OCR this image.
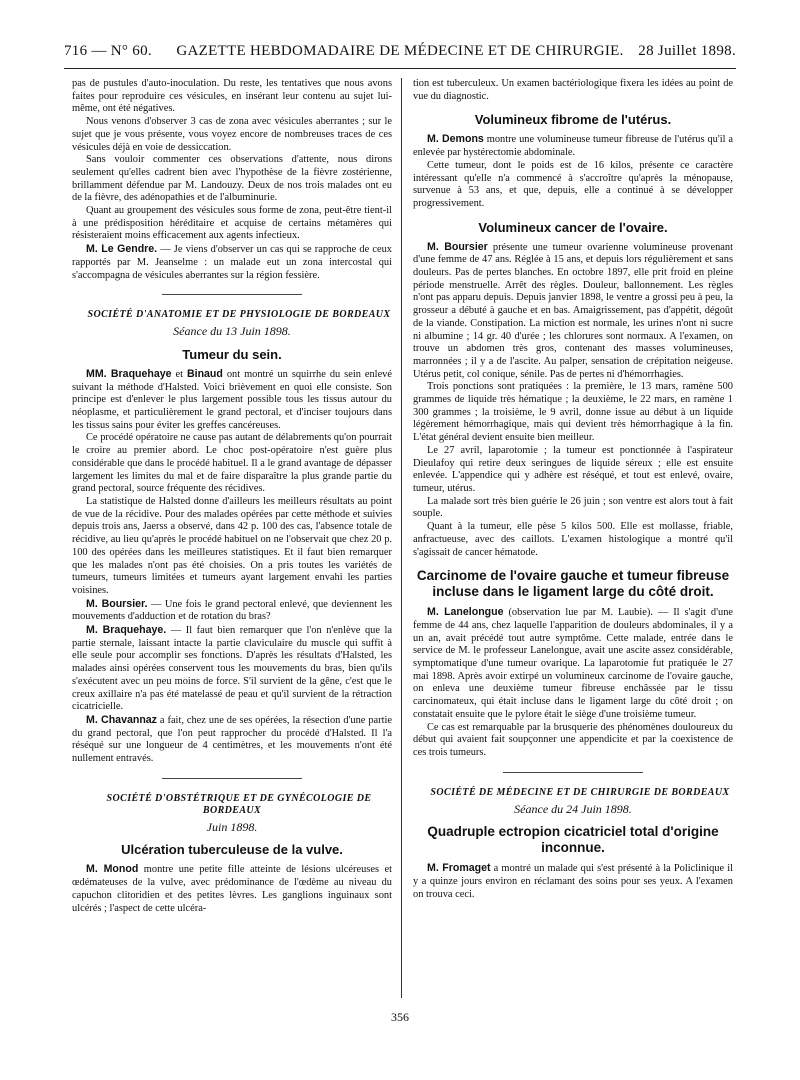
716 — N° 60.	GAZETTE HEBDOMADAIRE DE MÉDECINE ET DE CHIRURGIE. 28 Juillet 1898.

pas de pustules d'auto-inoculation. Du reste, les tentatives que nous avons faites pour reproduire ces vésicules, en insérant leur contenu au sujet lui-même, ont été négatives.

Nous venons d'observer 3 cas de zona avec vésicules aberrantes ; sur le sujet que je vous présente, vous voyez encore de nombreuses traces de ces vésicules déjà en voie de dessiccation.

Sans vouloir commenter ces observations d'attente, nous dirons seulement qu'elles cadrent bien avec l'hypothèse de la fièvre zostérienne, brillamment défendue par M. Landouzy. Deux de nos trois malades ont eu de la fièvre, des adénopathies et de l'albuminurie.

Quant au groupement des vésicules sous forme de zona, peut-être tient-il à une prédisposition héréditaire et acquise de certains métamères qui résisteraient moins efficacement aux agents infectieux.

M. Le Gendre. — Je viens d'observer un cas qui se rapproche de ceux rapportés par M. Jeanselme : un malade eut un zona intercostal qui s'accompagna de vésicules aberrantes sur la région fessière.

SOCIÉTÉ D'ANATOMIE ET DE PHYSIOLOGIE DE BORDEAUX

Séance du 13 Juin 1898.
Tumeur du sein.

MM. Braquehaye et Binaud ont montré un squirrhe du sein enlevé suivant la méthode d'Halsted. Voici brièvement en quoi elle consiste. Son principe est d'enlever le plus largement possible tous les tissus autour du néoplasme, et particulièrement le grand pectoral, et d'inciser toujours dans les tissus sains pour éviter les greffes cancéreuses.

Ce procédé opératoire ne cause pas autant de délabrements qu'on pourrait le croire au premier abord. Le choc post-opératoire n'est guère plus considérable que dans le procédé habituel. Il a le grand avantage de dépasser largement les limites du mal et de faire disparaître la plus grande partie du grand pectoral, source fréquente des récidives.

La statistique de Halsted donne d'ailleurs les meilleurs résultats au point de vue de la récidive. Pour des malades opérées par cette méthode et suivies depuis trois ans, Jaerss a observé, dans 42 p. 100 des cas, l'absence totale de récidive, au lieu qu'après le procédé habituel on ne l'observait que chez 20 p. 100 des opérées dans les meilleures statistiques. Et il faut bien remarquer que les malades n'ont pas été choisies. On a pris toutes les variétés de tumeurs, tumeurs limitées et tumeurs ayant largement envahi les parties voisines.

M. Boursier. — Une fois le grand pectoral enlevé, que deviennent les mouvements d'adduction et de rotation du bras?

M. Braquehaye. — Il faut bien remarquer que l'on n'enlève que la partie sternale, laissant intacte la partie claviculaire du muscle qui suffit à elle seule pour accomplir ses fonctions. D'après les résultats d'Halsted, les malades ainsi opérées conservent tous les mouvements du bras, bien qu'ils s'exécutent avec un peu moins de force. S'il survient de la gêne, c'est que le creux axillaire n'a pas été matelassé de peau et qu'il survient de la rétraction cicatricielle.

M. Chavannaz a fait, chez une de ses opérées, la résection d'une partie du grand pectoral, que l'on peut rapprocher du procédé d'Halsted. Il l'a réséqué sur une longueur de 4 centimètres, et les mouvements n'ont été nullement entravés.

SOCIÉTÉ D'OBSTÉTRIQUE ET DE GYNÉCOLOGIE DE BORDEAUX

Juin 1898.
Ulcération tuberculeuse de la vulve.

M. Monod montre une petite fille atteinte de lésions ulcéreuses et œdémateuses de la vulve, avec prédominance de l'œdème au niveau du capuchon clitoridien et des petites lèvres. Les ganglions inguinaux sont ulcérés ; l'aspect de cette ulcéra-

tion est tuberculeux. Un examen bactériologique fixera les idées au point de vue du diagnostic.

Volumineux fibrome de l'utérus.

M. Demons montre une volumineuse tumeur fibreuse de l'utérus qu'il a enlevée par hystérectomie abdominale.

Cette tumeur, dont le poids est de 16 kilos, présente ce caractère intéressant qu'elle n'a commencé à s'accroître qu'après la ménopause, survenue à 53 ans, et que, depuis, elle a continué à se développer progressivement.

Volumineux cancer de l'ovaire.

M. Boursier présente une tumeur ovarienne volumineuse provenant d'une femme de 47 ans. Réglée à 15 ans, et depuis lors régulièrement et sans douleurs. Pas de pertes blanches. En octobre 1897, elle prit froid en pleine période menstruelle. Arrêt des règles. Douleur, ballonnement. Les règles n'ont pas apparu depuis. Depuis janvier 1898, le ventre a grossi peu à peu, la grosseur a débuté à gauche et en bas. Amaigrissement, pas d'appétit, dégoût de la viande. Constipation. La miction est normale, les urines n'ont ni sucre ni albumine ; 14 gr. 40 d'urée ; les chlorures sont normaux. A l'examen, on trouve un abdomen très gros, contenant des masses volumineuses, marronnées ; il y a de l'ascite. Au palper, sensation de crépitation neigeuse. Utérus petit, col conique, sénile. Pas de pertes ni d'hémorrhagies.

Trois ponctions sont pratiquées : la première, le 13 mars, ramène 500 grammes de liquide très hématique ; la deuxième, le 22 mars, en ramène 1 300 grammes ; la troisième, le 9 avril, donne issue au début à un liquide légèrement hémorrhagique, mais qui devient très hémorrhagique à la fin. L'état général devient ensuite bien meilleur.

Le 27 avril, laparotomie ; la tumeur est ponctionnée à l'aspirateur Dieulafoy qui retire deux seringues de liquide séreux ; elle est ensuite enlevée. L'appendice qui y adhère est réséqué, et tout est enlevé, ovaire, tumeur, utérus.

La malade sort très bien guérie le 26 juin ; son ventre est alors tout à fait souple.

Quant à la tumeur, elle pèse 5 kilos 500. Elle est mollasse, friable, anfractueuse, avec des caillots. L'examen histologique a montré qu'il s'agissait de cancer hématode.

Carcinome de l'ovaire gauche et tumeur fibreuse incluse dans le ligament large du côté droit.

M. Lanelongue (observation lue par M. Laubie). — Il s'agit d'une femme de 44 ans, chez laquelle l'apparition de douleurs abdominales, il y a un an, avait précédé tout autre symptôme. Cette malade, entrée dans le service de M. le professeur Lanelongue, avait une ascite assez considérable, symptomatique d'une tumeur ovarique. La laparotomie fut pratiquée le 27 mai 1898. Après avoir extirpé un volumineux carcinome de l'ovaire gauche, on enleva une deuxième tumeur fibreuse enchâssée par le tissu carcinomateux, qui était incluse dans le ligament large du côté droit ; on constatait ensuite que le pylore était le siège d'une troisième tumeur.

Ce cas est remarquable par la brusquerie des phénomènes douloureux du début qui avaient fait soupçonner une appendicite et par la coexistence de ces trois tumeurs.

SOCIÉTÉ DE MÉDECINE ET DE CHIRURGIE DE BORDEAUX

Séance du 24 Juin 1898.
Quadruple ectropion cicatriciel total d'origine inconnue.

M. Fromaget a montré un malade qui s'est présenté à la Policlinique il y a quinze jours environ en réclamant des soins pour ses yeux. A l'examen on trouva ceci.

356
